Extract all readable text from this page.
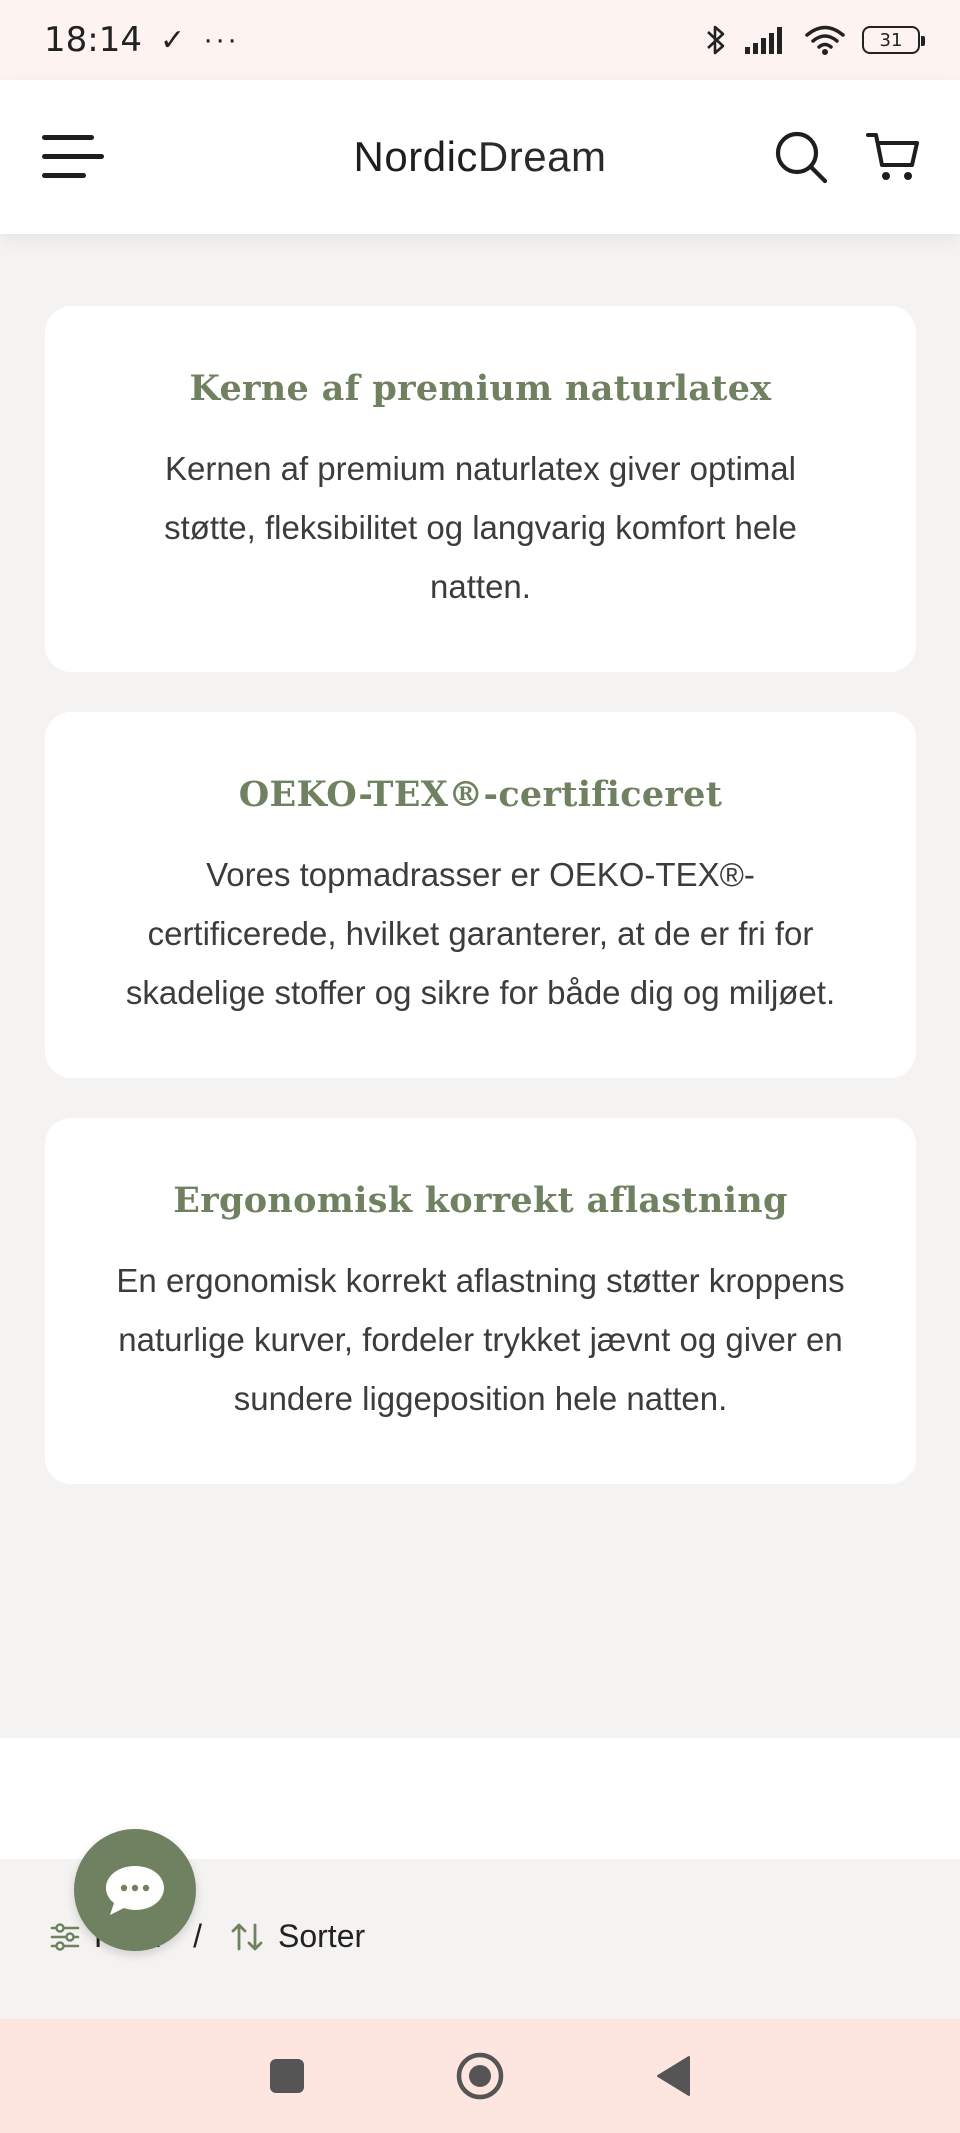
18:14 ✓ ···	31
NordicDream
Kerne af premium naturlatex

Kernen af premium naturlatex giver optimal støtte, fleksibilitet og langvarig komfort hele natten.

OEKO-TEX®-certificeret

Vores topmadrasser er OEKO-TEX®-certificerede, hvilket garanterer, at de er fri for skadelige stoffer og sikre for både dig og miljøet.

Ergonomisk korrekt aflastning

En ergonomisk korrekt aflastning støtter kroppens naturlige kurver, fordeler trykket jævnt og giver en sundere liggeposition hele natten.

/ Sorter
